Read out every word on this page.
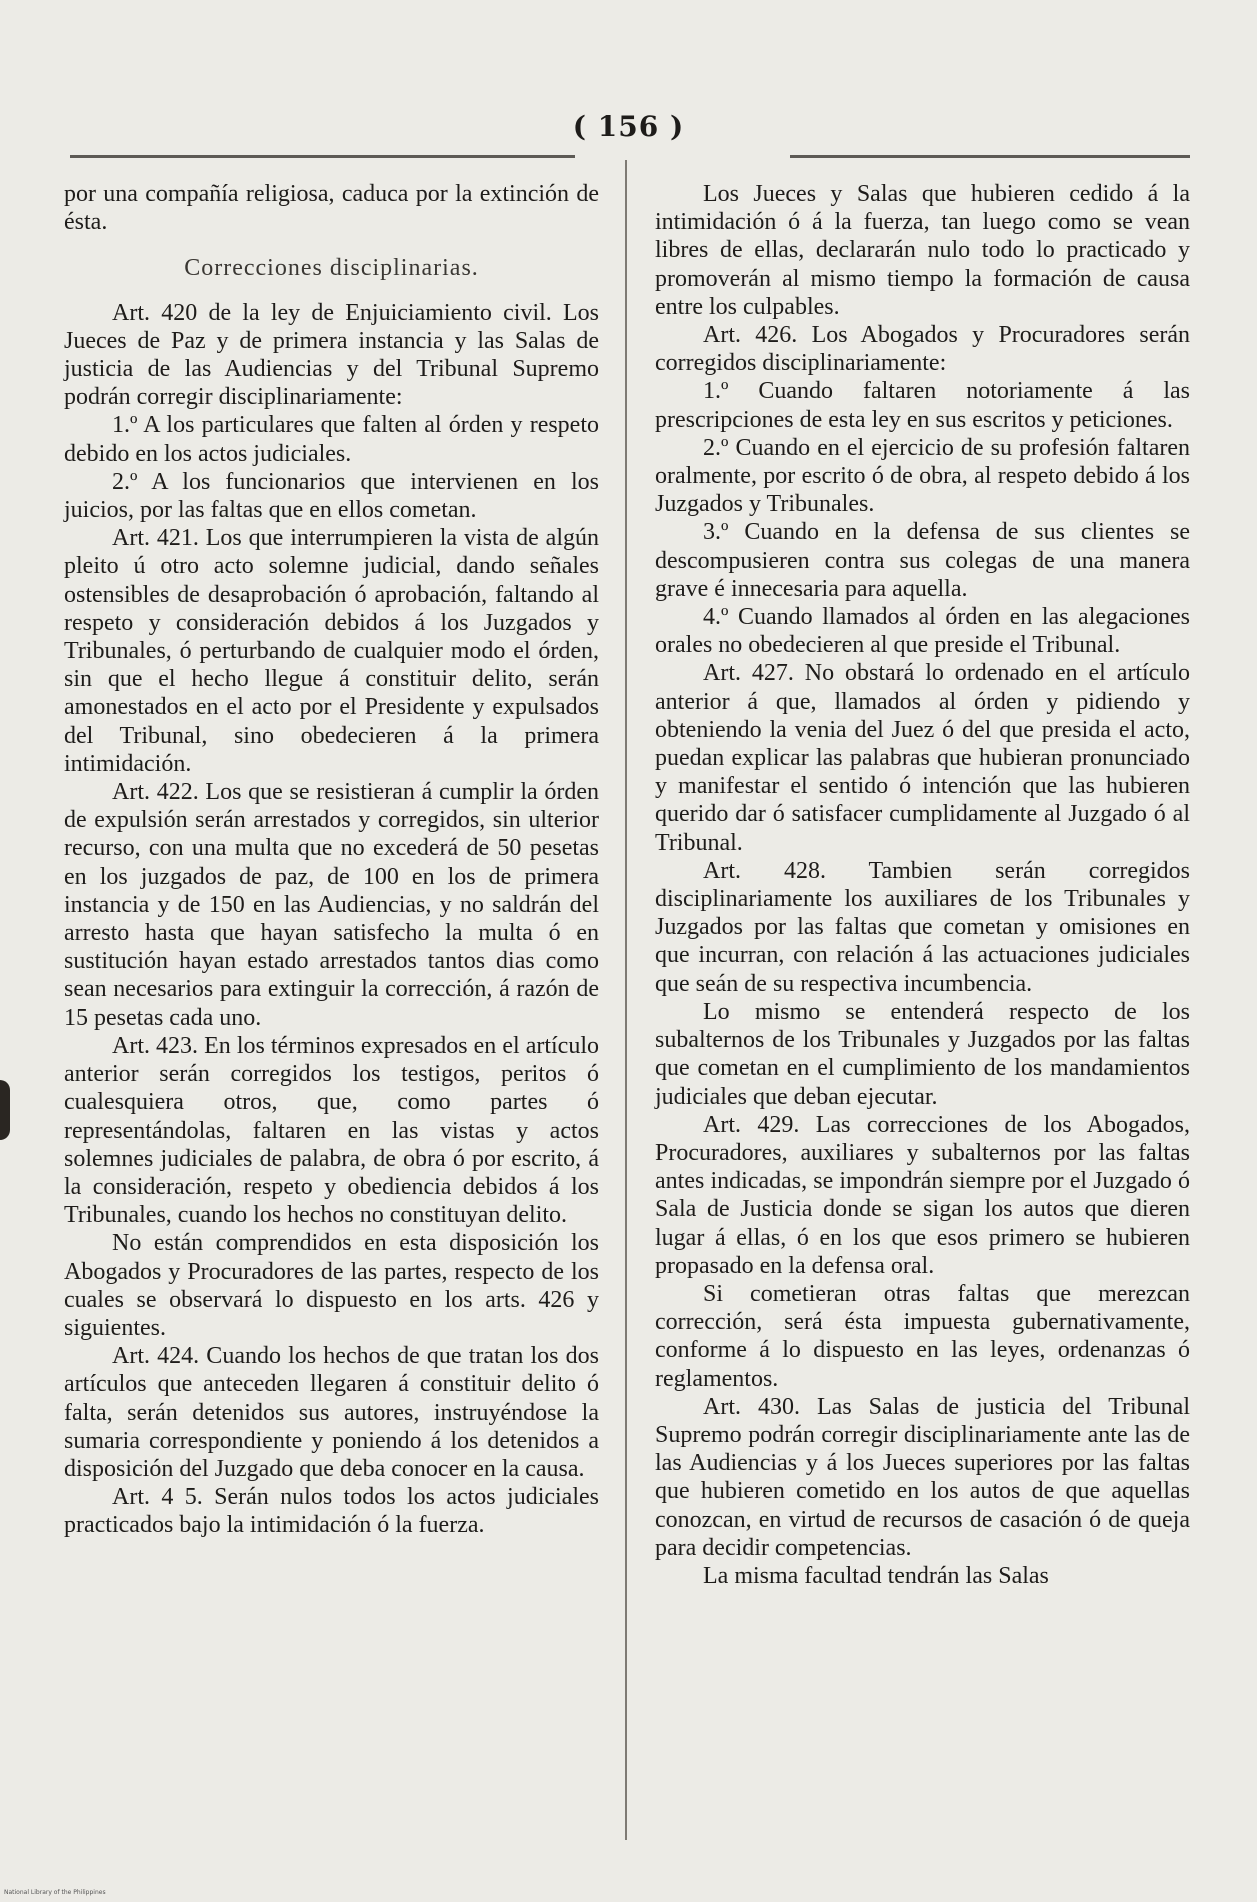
( 156 )

por una compañía religiosa, caduca por la extinción de ésta.

Correcciones disciplinarias.

Art. 420 de la ley de Enjuiciamiento civil. Los Jueces de Paz y de primera instancia y las Salas de justicia de las Audiencias y del Tribunal Supremo podrán corregir disciplinariamente:

1.º A los particulares que falten al órden y respeto debido en los actos judiciales.

2.º A los funcionarios que intervienen en los juicios, por las faltas que en ellos cometan.

Art. 421. Los que interrumpieren la vista de algún pleito ú otro acto solemne judicial, dando señales ostensibles de desaprobación ó aprobación, faltando al respeto y consideración debidos á los Juzgados y Tribunales, ó perturbando de cualquier modo el órden, sin que el hecho llegue á constituir delito, serán amonestados en el acto por el Presidente y expulsados del Tribunal, sino obedecieren á la primera intimidación.

Art. 422. Los que se resistieran á cumplir la órden de expulsión serán arrestados y corregidos, sin ulterior recurso, con una multa que no excederá de 50 pesetas en los juzgados de paz, de 100 en los de primera instancia y de 150 en las Audiencias, y no saldrán del arresto hasta que hayan satisfecho la multa ó en sustitución hayan estado arrestados tantos dias como sean necesarios para extinguir la corrección, á razón de 15 pesetas cada uno.

Art. 423. En los términos expresados en el artículo anterior serán corregidos los testigos, peritos ó cualesquiera otros, que, como partes ó representándolas, faltaren en las vistas y actos solemnes judiciales de palabra, de obra ó por escrito, á la consideración, respeto y obediencia debidos á los Tribunales, cuando los hechos no constituyan delito.

No están comprendidos en esta disposición los Abogados y Procuradores de las partes, respecto de los cuales se observará lo dispuesto en los arts. 426 y siguientes.

Art. 424. Cuando los hechos de que tratan los dos artículos que anteceden llegaren á constituir delito ó falta, serán detenidos sus autores, instruyéndose la sumaria correspondiente y poniendo á los detenidos a disposición del Juzgado que deba conocer en la causa.

Art. 4 5. Serán nulos todos los actos judiciales practicados bajo la intimidación ó la fuerza.

Los Jueces y Salas que hubieren cedido á la intimidación ó á la fuerza, tan luego como se vean libres de ellas, declararán nulo todo lo practicado y promoverán al mismo tiempo la formación de causa entre los culpables.

Art. 426. Los Abogados y Procuradores serán corregidos disciplinariamente:

1.º Cuando faltaren notoriamente á las prescripciones de esta ley en sus escritos y peticiones.

2.º Cuando en el ejercicio de su profesión faltaren oralmente, por escrito ó de obra, al respeto debido á los Juzgados y Tribunales.

3.º Cuando en la defensa de sus clientes se descompusieren contra sus colegas de una manera grave é innecesaria para aquella.

4.º Cuando llamados al órden en las alegaciones orales no obedecieren al que preside el Tribunal.

Art. 427. No obstará lo ordenado en el artículo anterior á que, llamados al órden y pidiendo y obteniendo la venia del Juez ó del que presida el acto, puedan explicar las palabras que hubieran pronunciado y manifestar el sentido ó intención que las hubieren querido dar ó satisfacer cumplidamente al Juzgado ó al Tribunal.

Art. 428. Tambien serán corregidos disciplinariamente los auxiliares de los Tribunales y Juzgados por las faltas que cometan y omisiones en que incurran, con relación á las actuaciones judiciales que seán de su respectiva incumbencia.

Lo mismo se entenderá respecto de los subalternos de los Tribunales y Juzgados por las faltas que cometan en el cumplimiento de los mandamientos judiciales que deban ejecutar.

Art. 429. Las correcciones de los Abogados, Procuradores, auxiliares y subalternos por las faltas antes indicadas, se impondrán siempre por el Juzgado ó Sala de Justicia donde se sigan los autos que dieren lugar á ellas, ó en los que esos primero se hubieren propasado en la defensa oral.

Si cometieran otras faltas que merezcan corrección, será ésta impuesta gubernativamente, conforme á lo dispuesto en las leyes, ordenanzas ó reglamentos.

Art. 430. Las Salas de justicia del Tribunal Supremo podrán corregir disciplinariamente ante las de las Audiencias y á los Jueces superiores por las faltas que hubieren cometido en los autos de que aquellas conozcan, en virtud de recursos de casación ó de queja para decidir competencias.

La misma facultad tendrán las Salas

National Library of the Philippines
